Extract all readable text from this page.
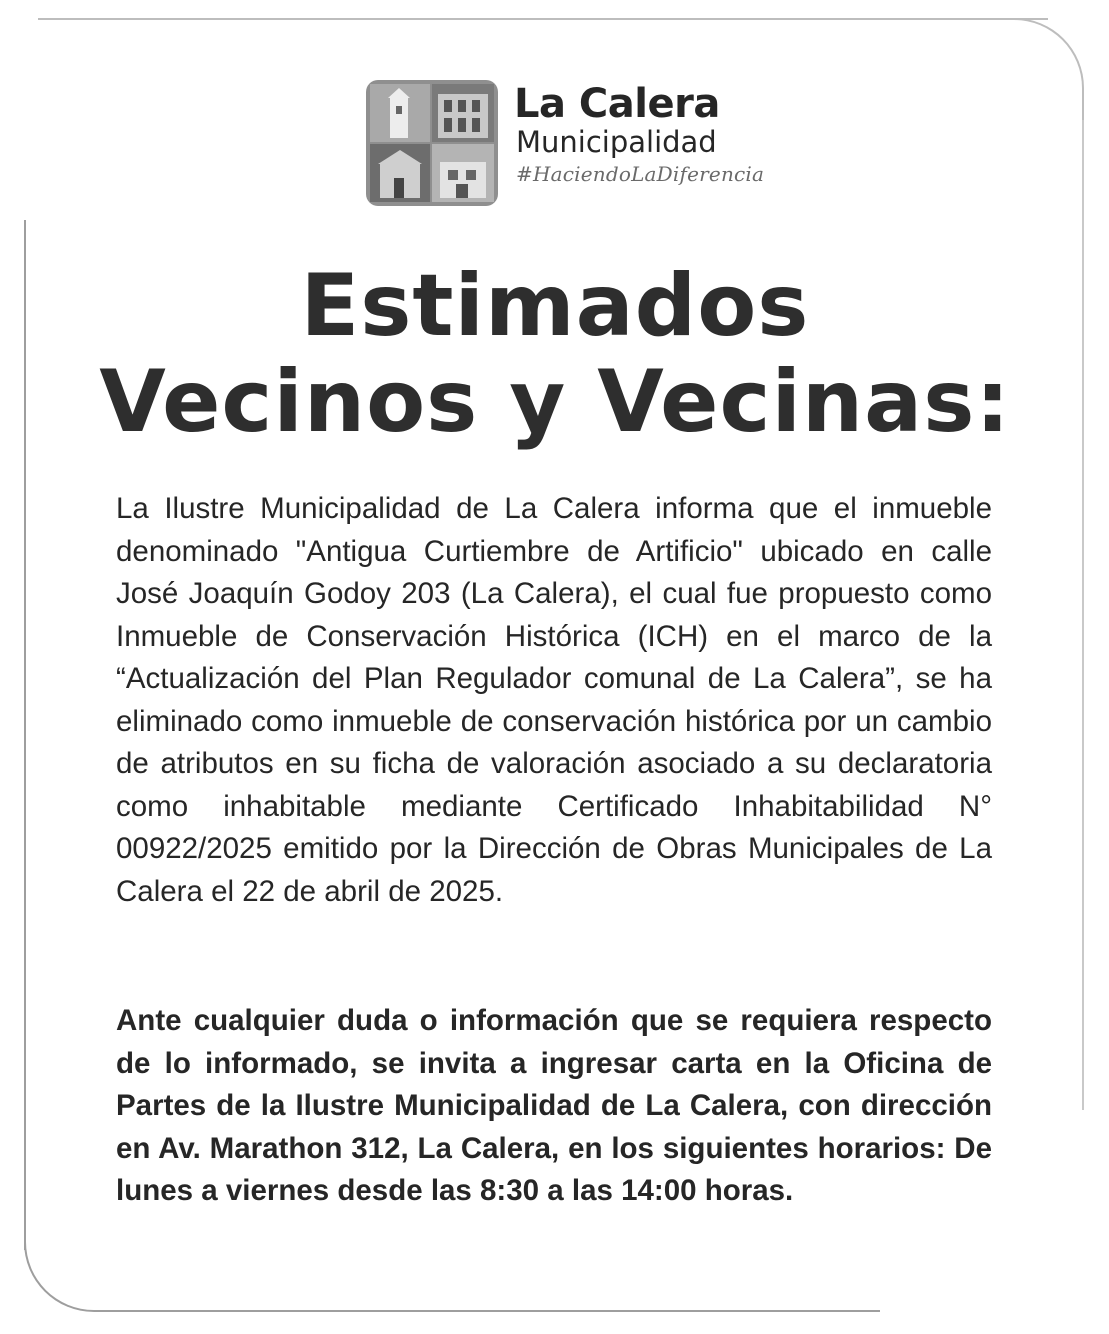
La Calera
Municipalidad
#HaciendoLaDiferencia
Estimados
Vecinos y Vecinas:
La Ilustre Municipalidad de La Calera informa que el inmueble denominado "Antigua Curtiembre de Artificio" ubicado en calle José Joaquín Godoy 203 (La Calera), el cual fue propuesto como Inmueble de Conservación Histórica (ICH) en el marco de la “Actualización del Plan Regulador comunal de La Calera”, se ha eliminado como inmueble de conservación histórica por un cambio de atributos en su ficha de valoración asociado a su declaratoria como inhabitable mediante Certificado Inhabitabilidad N° 00922/2025 emitido por la Dirección de Obras Municipales de La Calera el 22 de abril de 2025.
Ante cualquier duda o información que se requiera respecto de lo informado, se invita a ingresar carta en la Oficina de Partes de la Ilustre Municipalidad de La Calera, con dirección en Av. Marathon 312, La Calera, en los siguientes horarios: De lunes a viernes desde las 8:30 a las 14:00 horas.
